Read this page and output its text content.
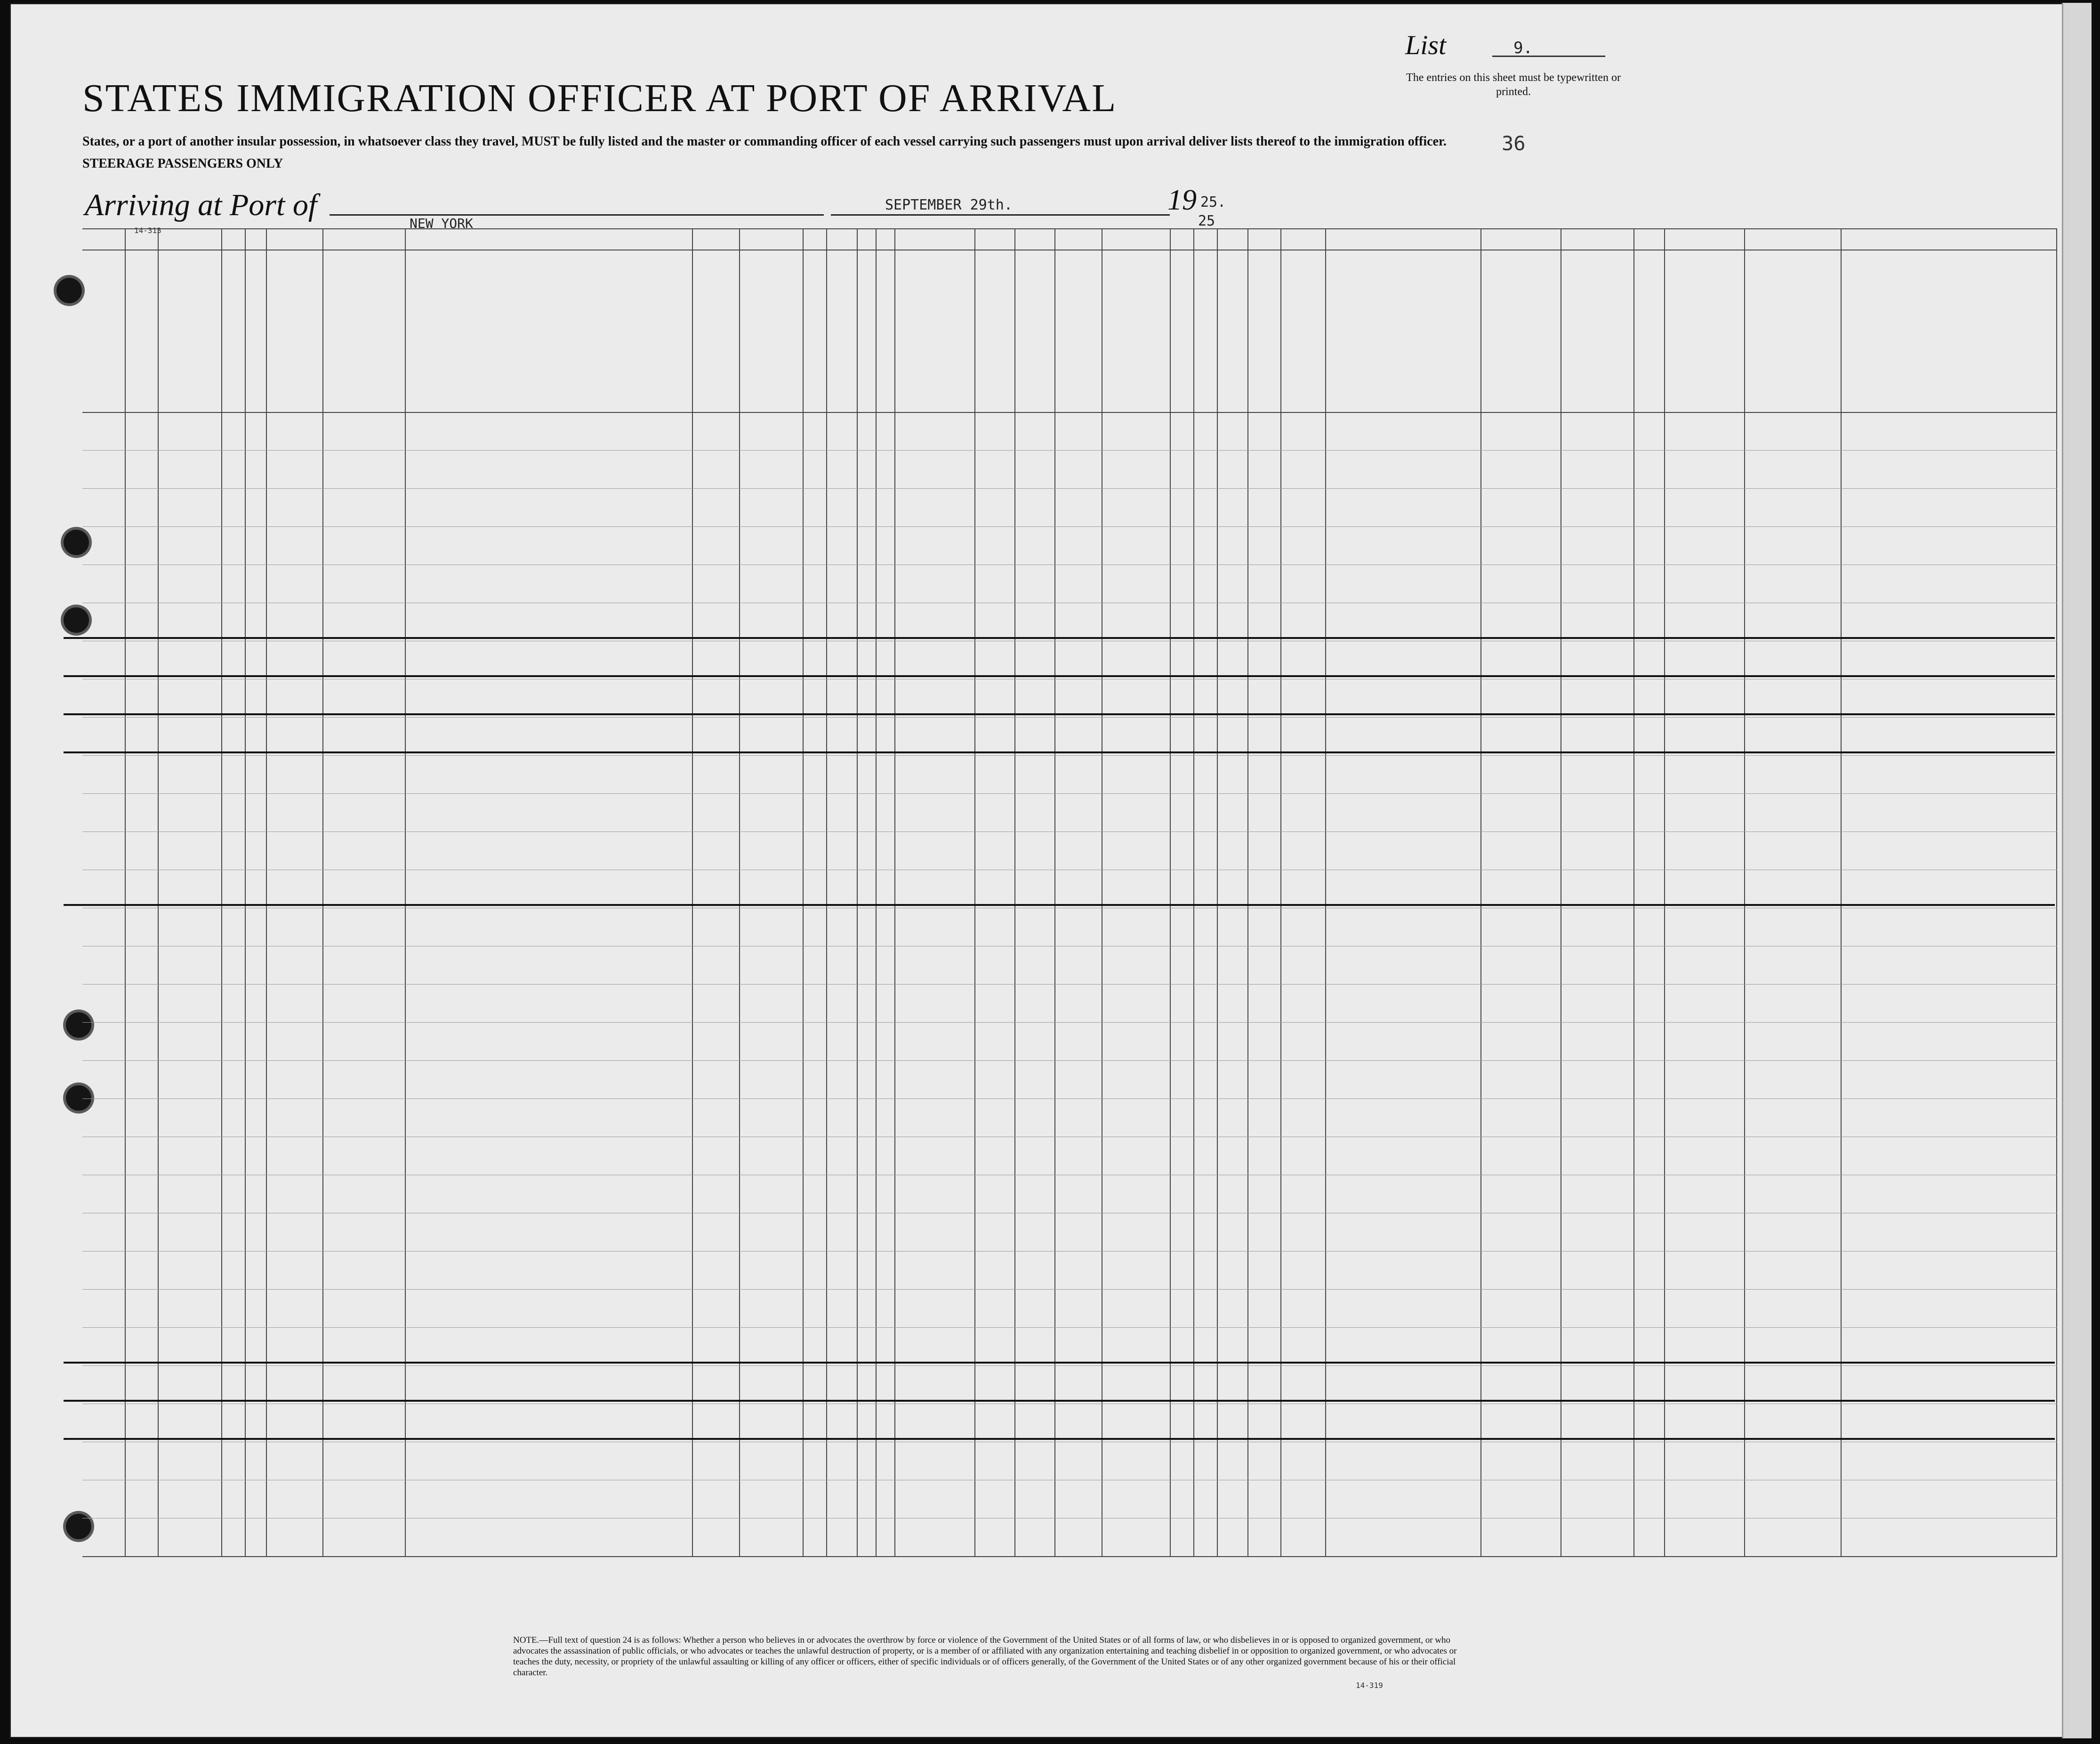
STATES IMMIGRATION OFFICER AT PORT OF ARRIVAL
List	9.
The entries on this sheet must be typewritten or printed.
States, or a port of another insular possession, in whatsoever class they travel, MUST be fully listed and the master or commanding officer of each vessel carrying such passengers must upon arrival deliver lists thereof to the immigration officer.
STEERAGE PASSENGERS ONLY
36
Arriving at Port of
NEW YORK
SEPTEMBER 29th.	19 25.
25
14-313
NOTE.—Full text of question 24 is as follows: Whether a person who believes in or advocates the overthrow by force or violence of the Government of the United States or of all forms of law, or who disbelieves in or is opposed to organized government, or who advocates the assassination of public officials, or who advocates or teaches the unlawful destruction of property, or is a member of or affiliated with any organization entertaining and teaching disbelief in or opposition to organized government, or who advocates or teaches the duty, necessity, or propriety of the unlawful assaulting or killing of any officer or officers, either of specific individuals or of officers generally, of the Government of the United States or of any other organized government because of his or their official character.
14-319
